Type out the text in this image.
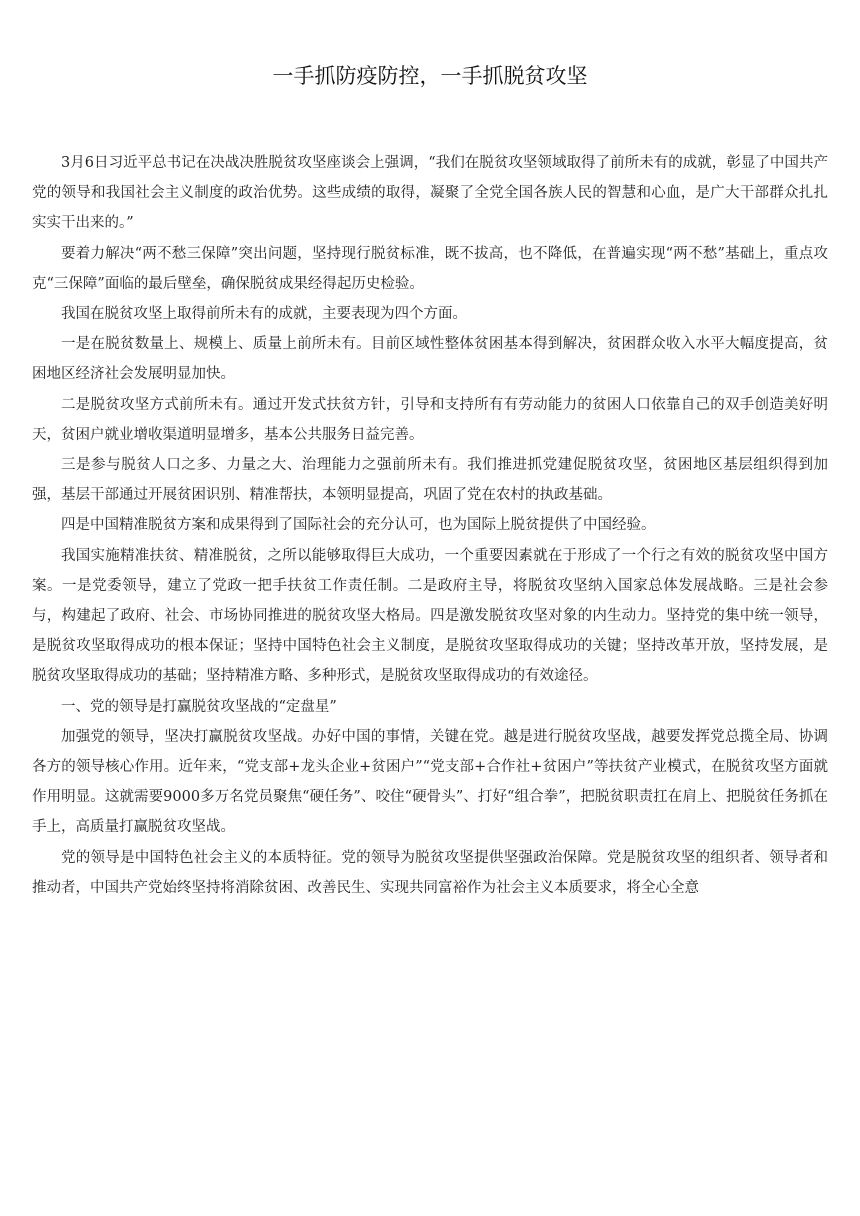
一手抓防疫防控，一手抓脱贫攻坚

3月6日习近平总书记在决战决胜脱贫攻坚座谈会上强调，“我们在脱贫攻坚领域取得了前所未有的成就，彰显了中国共产党的领导和我国社会主义制度的政治优势。这些成绩的取得，凝聚了全党全国各族人民的智慧和心血，是广大干部群众扎扎实实干出来的。”

要着力解决“两不愁三保障”突出问题，坚持现行脱贫标准，既不拔高，也不降低，在普遍实现“两不愁”基础上，重点攻克“三保障”面临的最后壁垒，确保脱贫成果经得起历史检验。

我国在脱贫攻坚上取得前所未有的成就，主要表现为四个方面。

一是在脱贫数量上、规模上、质量上前所未有。目前区域性整体贫困基本得到解决，贫困群众收入水平大幅度提高，贫困地区经济社会发展明显加快。

二是脱贫攻坚方式前所未有。通过开发式扶贫方针，引导和支持所有有劳动能力的贫困人口依靠自己的双手创造美好明天，贫困户就业增收渠道明显增多，基本公共服务日益完善。

三是参与脱贫人口之多、力量之大、治理能力之强前所未有。我们推进抓党建促脱贫攻坚，贫困地区基层组织得到加强，基层干部通过开展贫困识别、精准帮扶，本领明显提高，巩固了党在农村的执政基础。

四是中国精准脱贫方案和成果得到了国际社会的充分认可，也为国际上脱贫提供了中国经验。

我国实施精准扶贫、精准脱贫，之所以能够取得巨大成功，一个重要因素就在于形成了一个行之有效的脱贫攻坚中国方案。一是党委领导，建立了党政一把手扶贫工作责任制。二是政府主导，将脱贫攻坚纳入国家总体发展战略。三是社会参与，构建起了政府、社会、市场协同推进的脱贫攻坚大格局。四是激发脱贫攻坚对象的内生动力。坚持党的集中统一领导，是脱贫攻坚取得成功的根本保证；坚持中国特色社会主义制度，是脱贫攻坚取得成功的关键；坚持改革开放，坚持发展，是脱贫攻坚取得成功的基础；坚持精准方略、多种形式，是脱贫攻坚取得成功的有效途径。

一、党的领导是打赢脱贫攻坚战的“定盘星”

加强党的领导，坚决打赢脱贫攻坚战。办好中国的事情，关键在党。越是进行脱贫攻坚战，越要发挥党总揽全局、协调各方的领导核心作用。近年来，“党支部+龙头企业+贫困户”“党支部+合作社+贫困户”等扶贫产业模式，在脱贫攻坚方面就作用明显。这就需要9000多万名党员聚焦“硬任务”、咬住“硬骨头”、打好“组合拳”，把脱贫职责扛在肩上、把脱贫任务抓在手上，高质量打赢脱贫攻坚战。

党的领导是中国特色社会主义的本质特征。党的领导为脱贫攻坚提供坚强政治保障。党是脱贫攻坚的组织者、领导者和推动者，中国共产党始终坚持将消除贫困、改善民生、实现共同富裕作为社会主义本质要求，将全心全意
